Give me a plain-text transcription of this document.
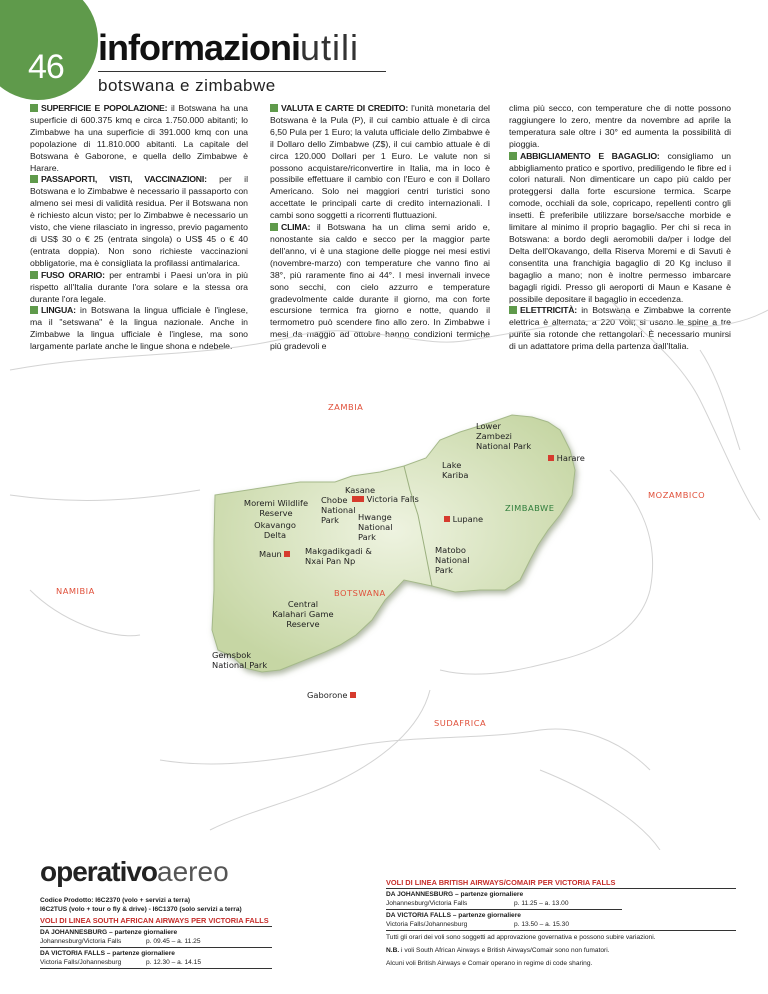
46 informazioniutili
botswana e zimbabwe

SUPERFICIE E POPOLAZIONE: il Botswana ha una superficie di 600.375 kmq e circa 1.750.000 abitanti; lo Zimbabwe ha una superficie di 391.000 kmq con una popolazione di 11.810.000 abitanti. La capitale del Botswana è Gaborone, e quella dello Zimbabwe è Harare.

PASSAPORTI, VISTI, VACCINAZIONI: per il Botswana e lo Zimbabwe è necessario il passaporto con almeno sei mesi di validità residua. Per il Botswana non è richiesto alcun visto; per lo Zimbabwe è necessario un visto, che viene rilasciato in ingresso, previo pagamento di US$ 30 o € 25 (entrata singola) o US$ 45 o € 40 (entrata doppia). Non sono richieste vaccinazioni obbligatorie, ma è consigliata la profilassi antimalarica.

FUSO ORARIO: per entrambi i Paesi un'ora in più rispetto all'Italia durante l'ora solare e la stessa ora durante l'ora legale.

LINGUA: in Botswana la lingua ufficiale è l'inglese, ma il "setswana" è la lingua nazionale. Anche in Zimbabwe la lingua ufficiale è l'inglese, ma sono largamente parlate anche le lingue shona e ndebele.

VALUTA E CARTE DI CREDITO: l'unità monetaria del Botswana è la Pula (P), il cui cambio attuale è di circa 6,50 Pula per 1 Euro; la valuta ufficiale dello Zimbabwe è il Dollaro dello Zimbabwe (Z$), il cui cambio attuale è di circa 120.000 Dollari per 1 Euro. Le valute non si possono acquistare/riconvertire in Italia, ma in loco è possibile effettuare il cambio con l'Euro e con il Dollaro Americano. Solo nei maggiori centri turistici sono accettate le principali carte di credito internazionali. I cambi sono soggetti a ricorrenti fluttuazioni.

CLIMA: il Botswana ha un clima semi arido e, nonostante sia caldo e secco per la maggior parte dell'anno, vi è una stagione delle piogge nei mesi estivi (novembre-marzo) con temperature che vanno fino ai 38°, più raramente fino ai 44°. I mesi invernali invece sono secchi, con cielo azzurro e temperature gradevolmente calde durante il giorno, ma con forte escursione termica fra giorno e notte, quando il termometro può scendere fino allo zero. In Zimbabwe i mesi da maggio ad ottobre hanno condizioni termiche più gradevoli e

clima più secco, con temperature che di notte possono raggiungere lo zero, mentre da novembre ad aprile la temperatura sale oltre i 30° ed aumenta la possibilità di pioggia.

ABBIGLIAMENTO E BAGAGLIO: consigliamo un abbigliamento pratico e sportivo, prediligendo le fibre ed i colori naturali. Non dimenticare un capo più caldo per proteggersi dalla forte escursione termica. Scarpe comode, occhiali da sole, copricapo, repellenti contro gli insetti. È preferibile utilizzare borse/sacche morbide e limitare al minimo il proprio bagaglio. Per chi si reca in Botswana: a bordo degli aeromobili da/per i lodge del Delta dell'Okavango, della Riserva Moremi e di Savuti è consentita una franchigia bagaglio di 20 Kg incluso il bagaglio a mano; non è inoltre permesso imbarcare bagagli rigidi. Presso gli aeroporti di Maun e Kasane è possibile depositare il bagaglio in eccedenza.

ELETTRICITÀ: in Botswana e Zimbabwe la corrente elettrica è alternata, a 220 Volt; si usano le spine a tre punte sia rotonde che rettangolari. È necessario munirsi di un adattatore prima della partenza dall'Italia.

ZAMBIA
MOZAMBICO
ZIMBABWE
NAMIBIA	BOTSWANA
SUDAFRICA
Lower Zambezi National Park
Harare
Lake Kariba
Kasane
Chobe National Park
Victoria Falls
Moremi Wildlife Reserve
Okavango Delta
Hwange National Park
Lupane
Maun	Makgadikgadi & Nxai Pan Np
Matobo National Park
Central Kalahari Game Reserve
Gemsbok National Park
Gaborone
operativoaereo
Codice Prodotto: I6C2370 (volo + servizi a terra)
I6C2TUS (volo + tour o fly & drive) - I6C1370 (solo servizi a terra)
VOLI DI LINEA SOUTH AFRICAN AIRWAYS PER VICTORIA FALLS
DA JOHANNESBURG – partenze giornaliere
Johannesburg/Victoria Falls	p. 09.45 – a. 11.25
DA VICTORIA FALLS – partenze giornaliere
Victoria Falls/Johannesburg	p. 12.30 – a. 14.15
VOLI DI LINEA BRITISH AIRWAYS/COMAIR PER VICTORIA FALLS
DA JOHANNESBURG – partenze giornaliere
Johannesburg/Victoria Falls	p. 11.25 – a. 13.00
DA VICTORIA FALLS – partenze giornaliere
Victoria Falls/Johannesburg	p. 13.50 – a. 15.30
Tutti gli orari dei voli sono soggetti ad approvazione governativa e possono subire variazioni.
N.B. i voli South African Airways e British Airways/Comair sono non fumatori.
Alcuni voli British Airways e Comair operano in regime di code sharing.
